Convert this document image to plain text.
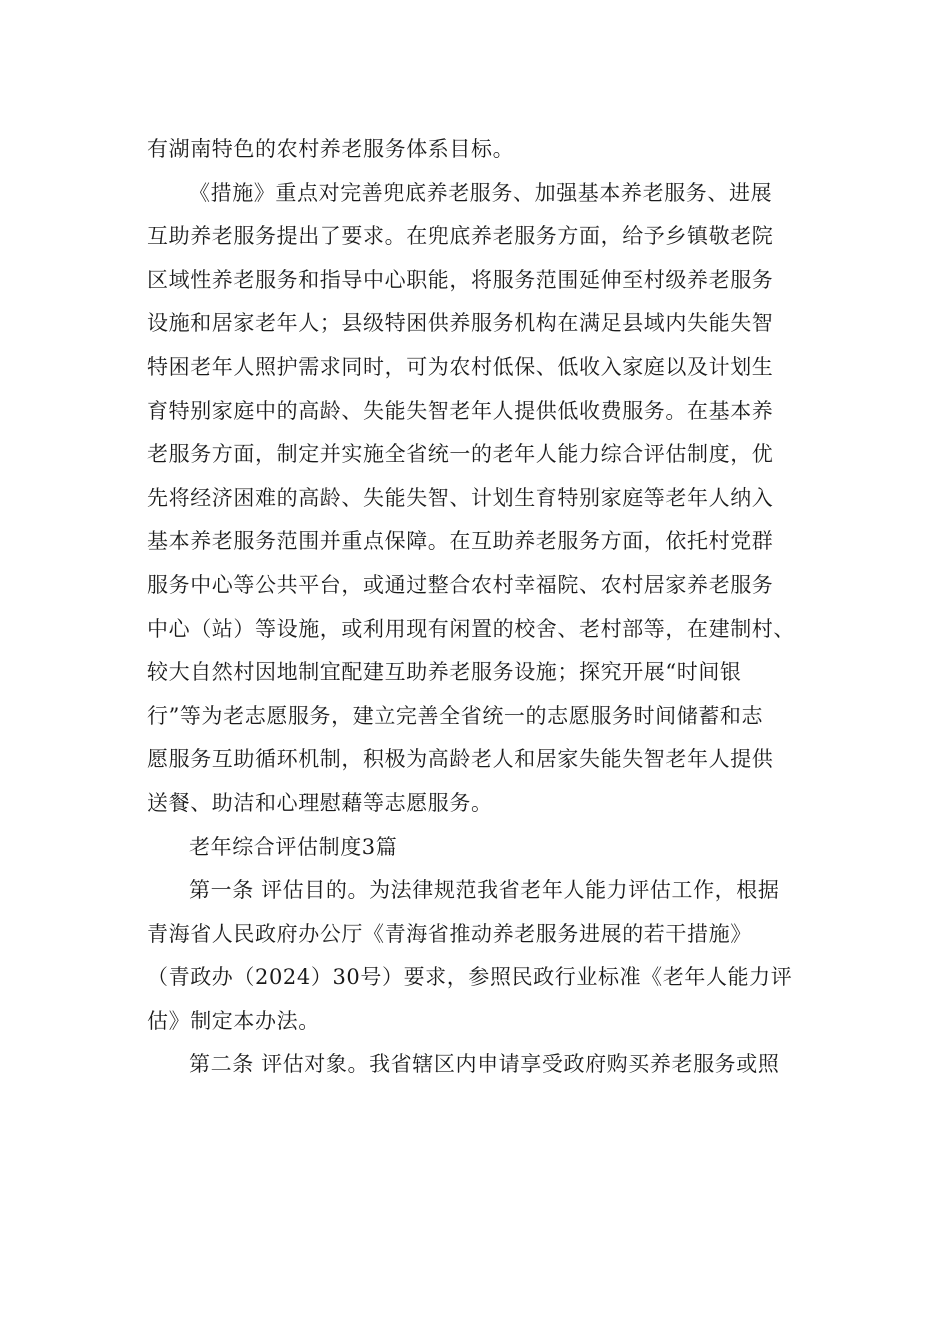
有湖南特色的农村养老服务体系目标。
《措施》重点对完善兜底养老服务、加强基本养老服务、进展
互助养老服务提出了要求。在兜底养老服务方面，给予乡镇敬老院
区域性养老服务和指导中心职能，将服务范围延伸至村级养老服务
设施和居家老年人；县级特困供养服务机构在满足县域内失能失智
特困老年人照护需求同时，可为农村低保、低收入家庭以及计划生
育特别家庭中的高龄、失能失智老年人提供低收费服务。在基本养
老服务方面，制定并实施全省统一的老年人能力综合评估制度，优
先将经济困难的高龄、失能失智、计划生育特别家庭等老年人纳入
基本养老服务范围并重点保障。在互助养老服务方面，依托村党群
服务中心等公共平台，或通过整合农村幸福院、农村居家养老服务
中心（站）等设施，或利用现有闲置的校舍、老村部等，在建制村、
较大自然村因地制宜配建互助养老服务设施；探究开展“时间银
行”等为老志愿服务，建立完善全省统一的志愿服务时间储蓄和志
愿服务互助循环机制，积极为高龄老人和居家失能失智老年人提供
送餐、助洁和心理慰藉等志愿服务。
老年综合评估制度3篇
第一条 评估目的。为法律规范我省老年人能力评估工作，根据
青海省人民政府办公厅《青海省推动养老服务进展的若干措施》
（青政办（2024）30号）要求，参照民政行业标准《老年人能力评
估》制定本办法。
第二条 评估对象。我省辖区内申请享受政府购买养老服务或照
